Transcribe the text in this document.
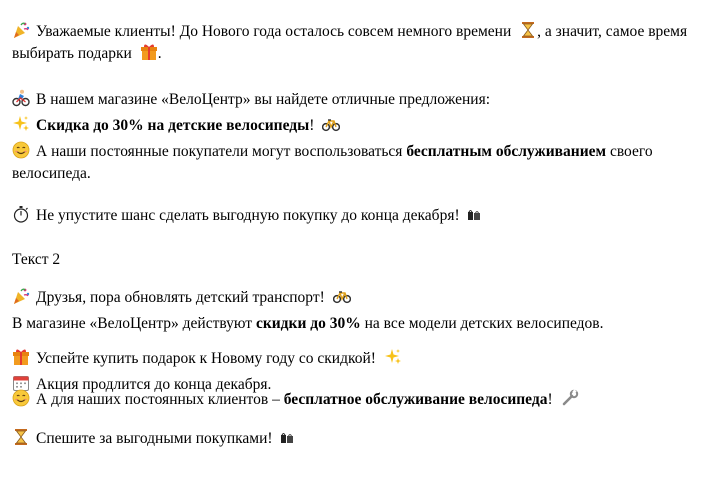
Уважаемые клиенты! До Нового года осталось совсем немного времени , а значит, самое время выбирать подарки .

В нашем магазине «ВелоЦентр» вы найдете отличные предложения:

Скидка до 30% на детские велосипеды!

А наши постоянные покупатели могут воспользоваться бесплатным обслуживанием своего велосипеда.

Не упустите шанс сделать выгодную покупку до конца декабря!

Текст 2

Друзья, пора обновлять детский транспорт!

В магазине «ВелоЦентр» действуют скидки до 30% на все модели детских велосипедов.

Успейте купить подарок к Новому году со скидкой!

Акция продлится до конца декабря.

А для наших постоянных клиентов – бесплатное обслуживание велосипеда!

Спешите за выгодными покупками!
